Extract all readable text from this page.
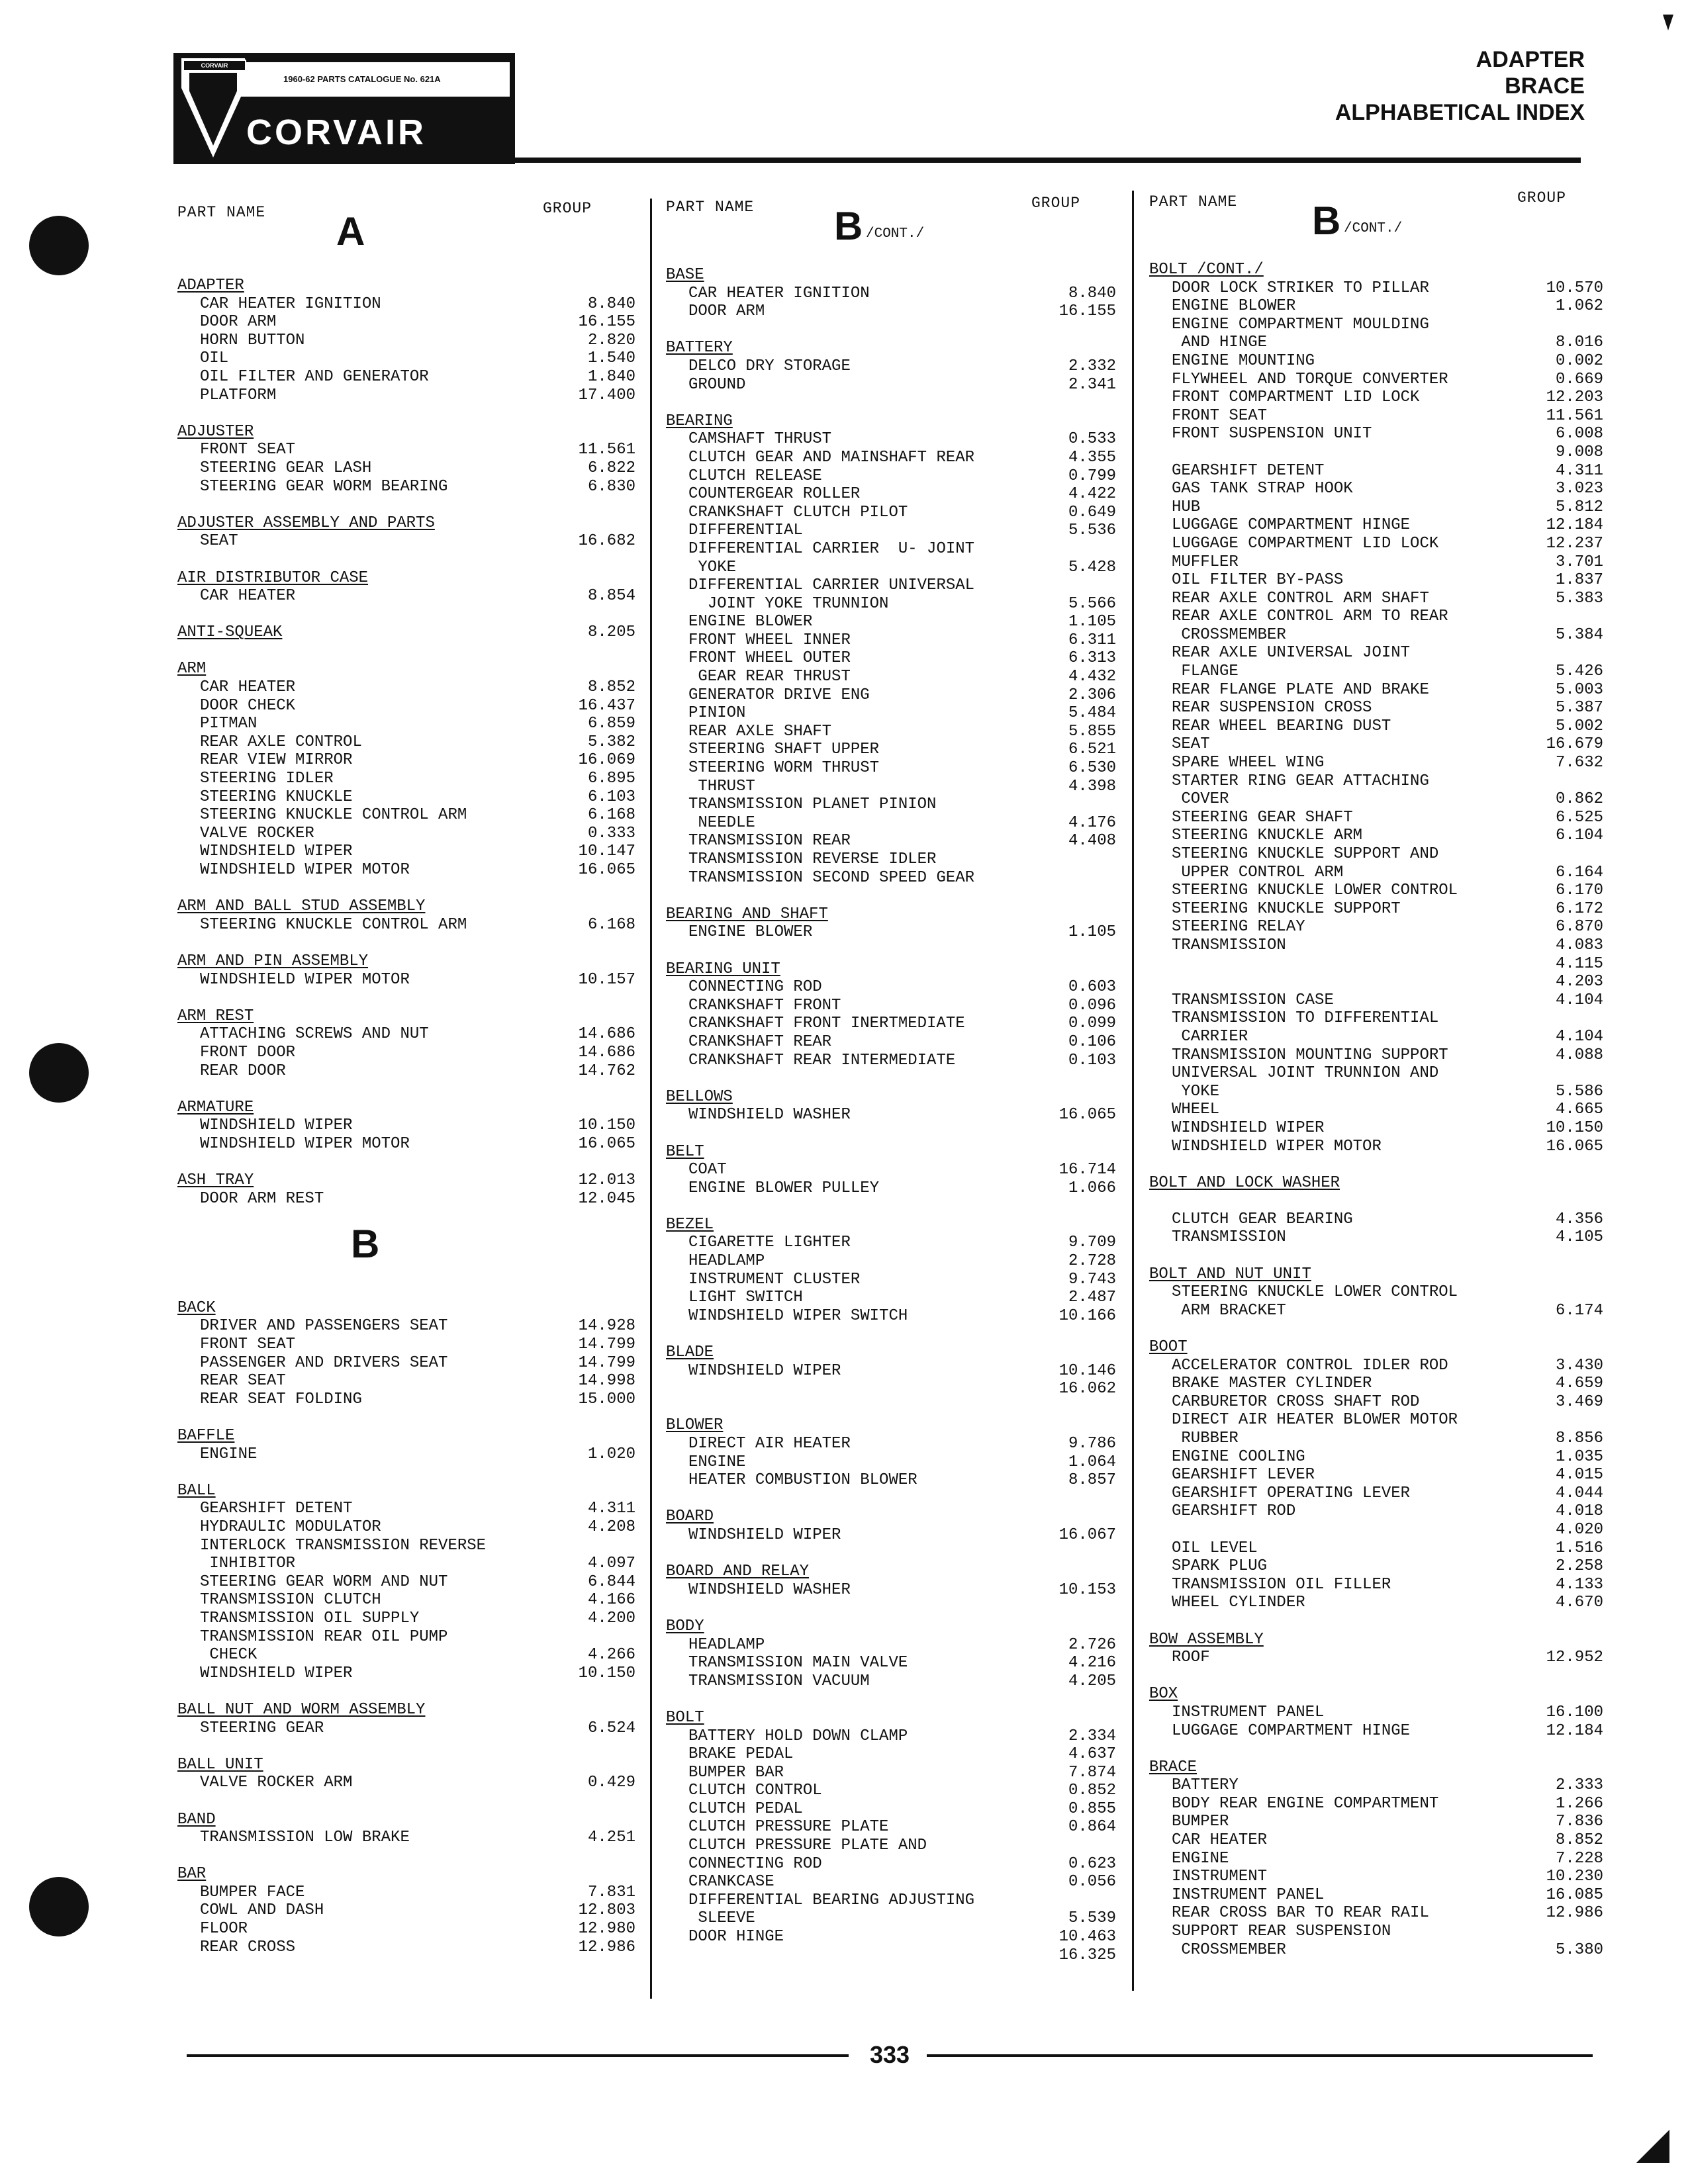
1960-62 PARTS CATALOGUE No. 621A
CORVAIR
CORVAIR
ADAPTER
BRACE
ALPHABETICAL INDEX
PART NAME	GROUP
A
ADAPTER
CAR HEATER IGNITION	8.840
DOOR ARM	16.155
HORN BUTTON	2.820
OIL	1.540
OIL FILTER AND GENERATOR	1.840
PLATFORM	17.400
ADJUSTER
FRONT SEAT	11.561
STEERING GEAR LASH	6.822
STEERING GEAR WORM BEARING	6.830
ADJUSTER ASSEMBLY AND PARTS
SEAT	16.682
AIR DISTRIBUTOR CASE
CAR HEATER	8.854
ANTI-SQUEAK	8.205
ARM
CAR HEATER	8.852
DOOR CHECK	16.437
PITMAN	6.859
REAR AXLE CONTROL	5.382
REAR VIEW MIRROR	16.069
STEERING IDLER	6.895
STEERING KNUCKLE	6.103
STEERING KNUCKLE CONTROL ARM	6.168
VALVE ROCKER	0.333
WINDSHIELD WIPER	10.147
WINDSHIELD WIPER MOTOR	16.065
ARM AND BALL STUD ASSEMBLY
STEERING KNUCKLE CONTROL ARM	6.168
ARM AND PIN ASSEMBLY
WINDSHIELD WIPER MOTOR	10.157
ARM REST
ATTACHING SCREWS AND NUT	14.686
FRONT DOOR	14.686
REAR DOOR	14.762
ARMATURE
WINDSHIELD WIPER	10.150
WINDSHIELD WIPER MOTOR	16.065
ASH TRAY	12.013
DOOR ARM REST	12.045
B
BACK
DRIVER AND PASSENGERS SEAT	14.928
FRONT SEAT	14.799
PASSENGER AND DRIVERS SEAT	14.799
REAR SEAT	14.998
REAR SEAT FOLDING	15.000
BAFFLE
ENGINE	1.020
BALL
GEARSHIFT DETENT	4.311
HYDRAULIC MODULATOR	4.208
INTERLOCK TRANSMISSION REVERSE
INHIBITOR	4.097
STEERING GEAR WORM AND NUT	6.844
TRANSMISSION CLUTCH	4.166
TRANSMISSION OIL SUPPLY	4.200
TRANSMISSION REAR OIL PUMP
CHECK	4.266
WINDSHIELD WIPER	10.150
BALL NUT AND WORM ASSEMBLY
STEERING GEAR	6.524
BALL UNIT
VALVE ROCKER ARM	0.429
BAND
TRANSMISSION LOW BRAKE	4.251
BAR
BUMPER FACE	7.831
COWL AND DASH	12.803
FLOOR	12.980
REAR CROSS	12.986
PART NAME	GROUP
B /CONT./
BASE
CAR HEATER IGNITION	8.840
DOOR ARM	16.155
BATTERY
DELCO DRY STORAGE	2.332
GROUND	2.341
BEARING
CAMSHAFT THRUST	0.533
CLUTCH GEAR AND MAINSHAFT REAR	4.355
CLUTCH RELEASE	0.799
COUNTERGEAR ROLLER	4.422
CRANKSHAFT CLUTCH PILOT	0.649
DIFFERENTIAL	5.536
DIFFERENTIAL CARRIER  U- JOINT
YOKE	5.428
DIFFERENTIAL CARRIER UNIVERSAL
JOINT YOKE TRUNNION	5.566
ENGINE BLOWER	1.105
FRONT WHEEL INNER	6.311
FRONT WHEEL OUTER	6.313
GEAR REAR THRUST	4.432
GENERATOR DRIVE ENG	2.306
PINION	5.484
REAR AXLE SHAFT	5.855
STEERING SHAFT UPPER	6.521
STEERING WORM THRUST	6.530
THRUST	4.398
TRANSMISSION PLANET PINION
NEEDLE	4.176
TRANSMISSION REAR	4.408
TRANSMISSION REVERSE IDLER
TRANSMISSION SECOND SPEED GEAR
BEARING AND SHAFT
ENGINE BLOWER	1.105
BEARING UNIT
CONNECTING ROD	0.603
CRANKSHAFT FRONT	0.096
CRANKSHAFT FRONT INERTMEDIATE	0.099
CRANKSHAFT REAR	0.106
CRANKSHAFT REAR INTERMEDIATE	0.103
BELLOWS
WINDSHIELD WASHER	16.065
BELT
COAT	16.714
ENGINE BLOWER PULLEY	1.066
BEZEL
CIGARETTE LIGHTER	9.709
HEADLAMP	2.728
INSTRUMENT CLUSTER	9.743
LIGHT SWITCH	2.487
WINDSHIELD WIPER SWITCH	10.166
BLADE
WINDSHIELD WIPER	10.146
16.062
BLOWER
DIRECT AIR HEATER	9.786
ENGINE	1.064
HEATER COMBUSTION BLOWER	8.857
BOARD
WINDSHIELD WIPER	16.067
BOARD AND RELAY
WINDSHIELD WASHER	10.153
BODY
HEADLAMP	2.726
TRANSMISSION MAIN VALVE	4.216
TRANSMISSION VACUUM	4.205
BOLT
BATTERY HOLD DOWN CLAMP	2.334
BRAKE PEDAL	4.637
BUMPER BAR	7.874
CLUTCH CONTROL	0.852
CLUTCH PEDAL	0.855
CLUTCH PRESSURE PLATE	0.864
CLUTCH PRESSURE PLATE AND
CONNECTING ROD	0.623
CRANKCASE	0.056
DIFFERENTIAL BEARING ADJUSTING
SLEEVE	5.539
DOOR HINGE	10.463
16.325
PART NAME	GROUP
B /CONT./
BOLT /CONT./
DOOR LOCK STRIKER TO PILLAR	10.570
ENGINE BLOWER	1.062
ENGINE COMPARTMENT MOULDING
AND HINGE	8.016
ENGINE MOUNTING	0.002
FLYWHEEL AND TORQUE CONVERTER	0.669
FRONT COMPARTMENT LID LOCK	12.203
FRONT SEAT	11.561
FRONT SUSPENSION UNIT	6.008
9.008
GEARSHIFT DETENT	4.311
GAS TANK STRAP HOOK	3.023
HUB	5.812
LUGGAGE COMPARTMENT HINGE	12.184
LUGGAGE COMPARTMENT LID LOCK	12.237
MUFFLER	3.701
OIL FILTER BY-PASS	1.837
REAR AXLE CONTROL ARM SHAFT	5.383
REAR AXLE CONTROL ARM TO REAR
CROSSMEMBER	5.384
REAR AXLE UNIVERSAL JOINT
FLANGE	5.426
REAR FLANGE PLATE AND BRAKE	5.003
REAR SUSPENSION CROSS	5.387
REAR WHEEL BEARING DUST	5.002
SEAT	16.679
SPARE WHEEL WING	7.632
STARTER RING GEAR ATTACHING
COVER	0.862
STEERING GEAR SHAFT	6.525
STEERING KNUCKLE ARM	6.104
STEERING KNUCKLE SUPPORT AND
UPPER CONTROL ARM	6.164
STEERING KNUCKLE LOWER CONTROL	6.170
STEERING KNUCKLE SUPPORT	6.172
STEERING RELAY	6.870
TRANSMISSION	4.083
4.115
4.203
TRANSMISSION CASE	4.104
TRANSMISSION TO DIFFERENTIAL
CARRIER	4.104
TRANSMISSION MOUNTING SUPPORT	4.088
UNIVERSAL JOINT TRUNNION AND
YOKE	5.586
WHEEL	4.665
WINDSHIELD WIPER	10.150
WINDSHIELD WIPER MOTOR	16.065
BOLT AND LOCK WASHER
CLUTCH GEAR BEARING	4.356
TRANSMISSION	4.105
BOLT AND NUT UNIT
STEERING KNUCKLE LOWER CONTROL
ARM BRACKET	6.174
BOOT
ACCELERATOR CONTROL IDLER ROD	3.430
BRAKE MASTER CYLINDER	4.659
CARBURETOR CROSS SHAFT ROD	3.469
DIRECT AIR HEATER BLOWER MOTOR
RUBBER	8.856
ENGINE COOLING	1.035
GEARSHIFT LEVER	4.015
GEARSHIFT OPERATING LEVER	4.044
GEARSHIFT ROD	4.018
4.020
OIL LEVEL	1.516
SPARK PLUG	2.258
TRANSMISSION OIL FILLER	4.133
WHEEL CYLINDER	4.670
BOW ASSEMBLY
ROOF	12.952
BOX
INSTRUMENT PANEL	16.100
LUGGAGE COMPARTMENT HINGE	12.184
BRACE
BATTERY	2.333
BODY REAR ENGINE COMPARTMENT	1.266
BUMPER	7.836
CAR HEATER	8.852
ENGINE	7.228
INSTRUMENT	10.230
INSTRUMENT PANEL	16.085
REAR CROSS BAR TO REAR RAIL	12.986
SUPPORT REAR SUSPENSION
CROSSMEMBER	5.380
333
